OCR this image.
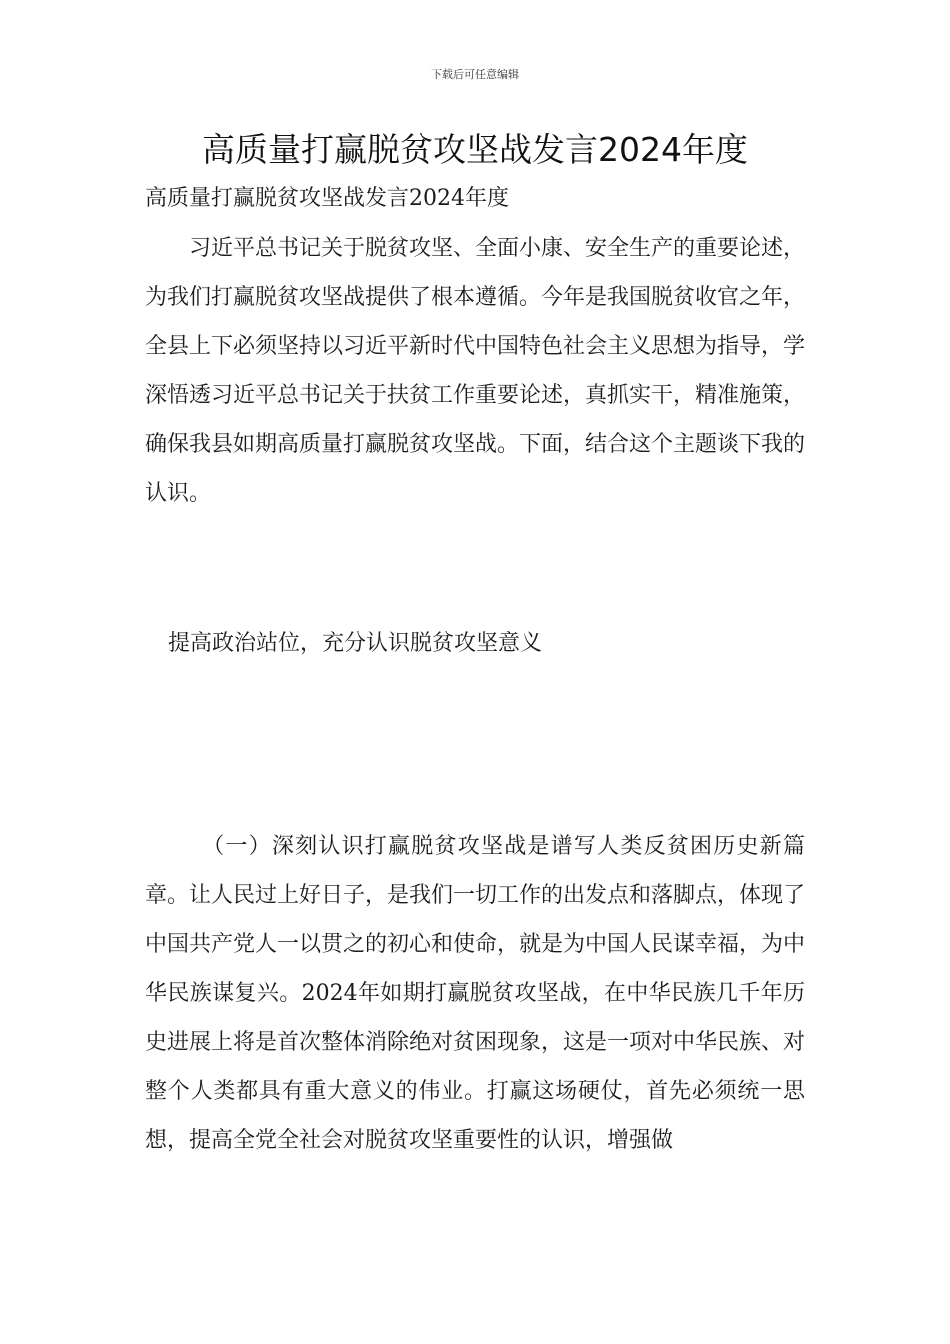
下载后可任意编辑
高质量打赢脱贫攻坚战发言2024年度
高质量打赢脱贫攻坚战发言2024年度

习近平总书记关于脱贫攻坚、全面小康、安全生产的重要论述，为我们打赢脱贫攻坚战提供了根本遵循。今年是我国脱贫收官之年，全县上下必须坚持以习近平新时代中国特色社会主义思想为指导，学深悟透习近平总书记关于扶贫工作重要论述，真抓实干，精准施策，确保我县如期高质量打赢脱贫攻坚战。下面，结合这个主题谈下我的认识。

提高政治站位，充分认识脱贫攻坚意义

（一）深刻认识打赢脱贫攻坚战是谱写人类反贫困历史新篇章。让人民过上好日子，是我们一切工作的出发点和落脚点，体现了中国共产党人一以贯之的初心和使命，就是为中国人民谋幸福，为中华民族谋复兴。2024年如期打赢脱贫攻坚战，在中华民族几千年历史进展上将是首次整体消除绝对贫困现象，这是一项对中华民族、对整个人类都具有重大意义的伟业。打赢这场硬仗，首先必须统一思想，提高全党全社会对脱贫攻坚重要性的认识，增强做
